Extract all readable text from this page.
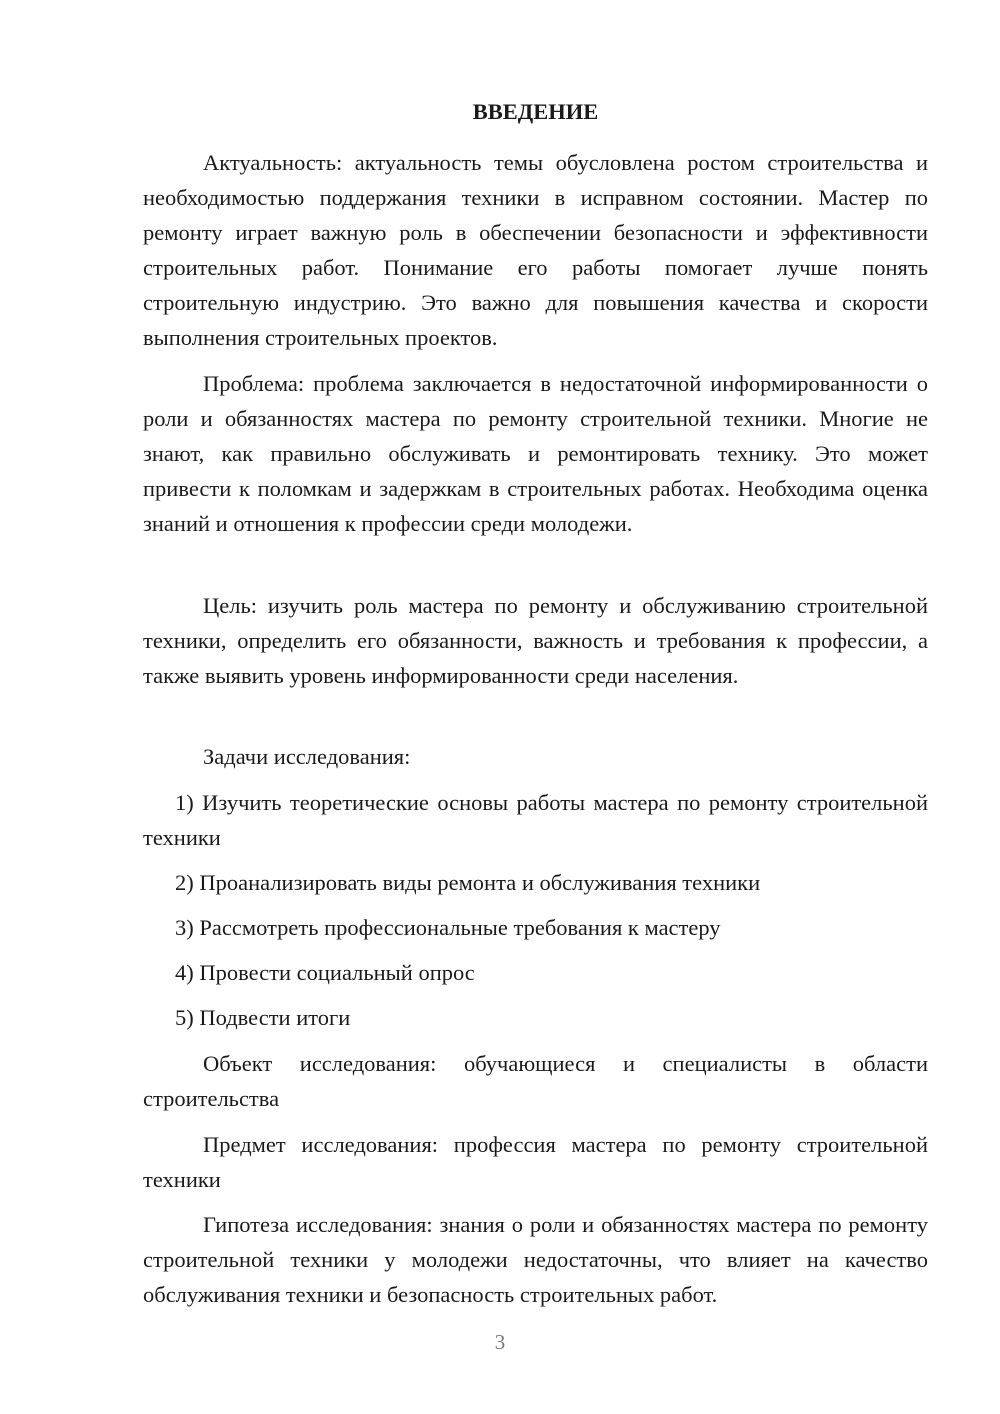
ВВЕДЕНИЕ

Актуальность: актуальность темы обусловлена ростом строительства и необходимостью поддержания техники в исправном состоянии. Мастер по ремонту играет важную роль в обеспечении безопасности и эффективности строительных работ. Понимание его работы помогает лучше понять строительную индустрию. Это важно для повышения качества и скорости выполнения строительных проектов.

Проблема: проблема заключается в недостаточной информированности о роли и обязанностях мастера по ремонту строительной техники. Многие не знают, как правильно обслуживать и ремонтировать технику. Это может привести к поломкам и задержкам в строительных работах. Необходима оценка знаний и отношения к профессии среди молодежи.

Цель: изучить роль мастера по ремонту и обслуживанию строительной техники, определить его обязанности, важность и требования к профессии, а также выявить уровень информированности среди населения.

Задачи исследования:

1) Изучить теоретические основы работы мастера по ремонту строительной техники

2) Проанализировать виды ремонта и обслуживания техники

3) Рассмотреть профессиональные требования к мастеру

4) Провести социальный опрос

5) Подвести итоги

Объект исследования: обучающиеся и специалисты в области строительства

Предмет исследования: профессия мастера по ремонту строительной техники

Гипотеза исследования: знания о роли и обязанностях мастера по ремонту строительной техники у молодежи недостаточны, что влияет на качество обслуживания техники и безопасность строительных работ.

3
